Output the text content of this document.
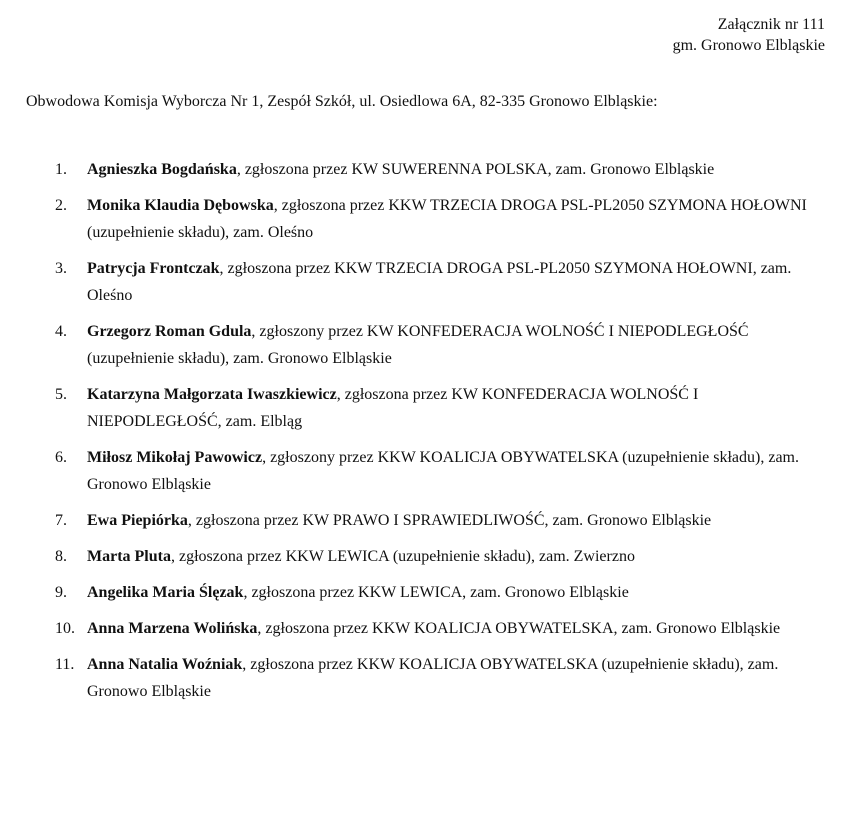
Załącznik nr 111
gm. Gronowo Elbląskie
Obwodowa Komisja Wyborcza Nr 1, Zespół Szkół, ul. Osiedlowa 6A, 82-335 Gronowo Elbląskie:
1.	Agnieszka Bogdańska, zgłoszona przez KW SUWERENNA POLSKA, zam. Gronowo Elbląskie
2.	Monika Klaudia Dębowska, zgłoszona przez KKW TRZECIA DROGA PSL-PL2050 SZYMONA HOŁOWNI (uzupełnienie składu), zam. Oleśno
3.	Patrycja Frontczak, zgłoszona przez KKW TRZECIA DROGA PSL-PL2050 SZYMONA HOŁOWNI, zam. Oleśno
4.	Grzegorz Roman Gdula, zgłoszony przez KW KONFEDERACJA WOLNOŚĆ I NIEPODLEGŁOŚĆ (uzupełnienie składu), zam. Gronowo Elbląskie
5.	Katarzyna Małgorzata Iwaszkiewicz, zgłoszona przez KW KONFEDERACJA WOLNOŚĆ I NIEPODLEGŁOŚĆ, zam. Elbląg
6.	Miłosz Mikołaj Pawowicz, zgłoszony przez KKW KOALICJA OBYWATELSKA (uzupełnienie składu), zam. Gronowo Elbląskie
7.	Ewa Piepiórka, zgłoszona przez KW PRAWO I SPRAWIEDLIWOŚĆ, zam. Gronowo Elbląskie
8.	Marta Pluta, zgłoszona przez KKW LEWICA (uzupełnienie składu), zam. Zwierzno
9.	Angelika Maria Ślęzak, zgłoszona przez KKW LEWICA, zam. Gronowo Elbląskie
10. Anna Marzena Wolińska, zgłoszona przez KKW KOALICJA OBYWATELSKA, zam. Gronowo Elbląskie
11. Anna Natalia Woźniak, zgłoszona przez KKW KOALICJA OBYWATELSKA (uzupełnienie składu), zam. Gronowo Elbląskie
